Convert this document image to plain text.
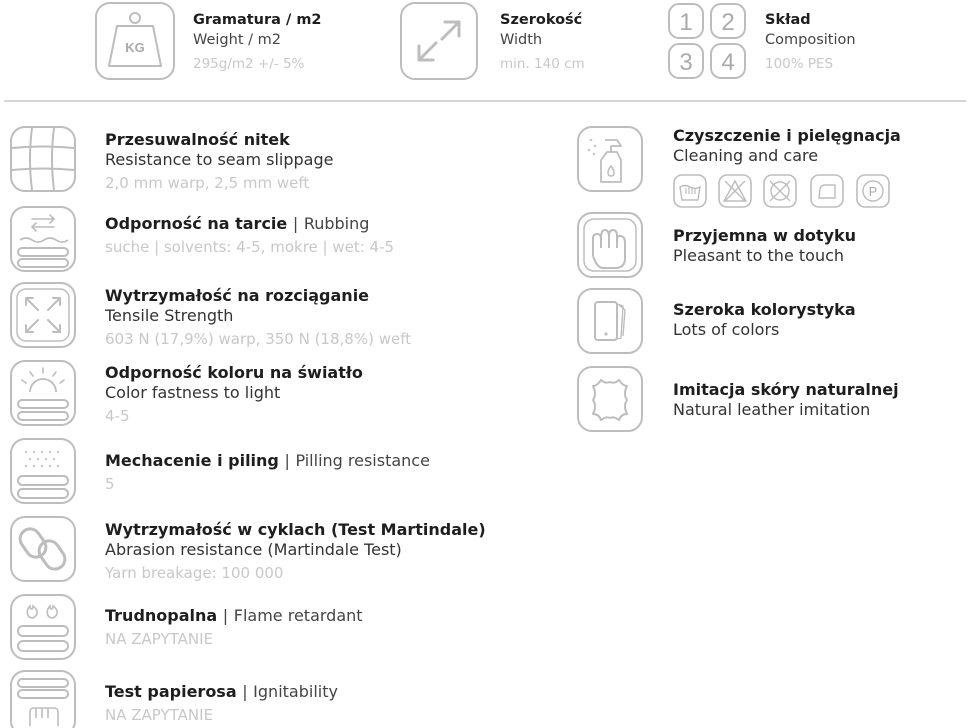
KG
Gramatura / m2
Weight / m2
295g/m2 +/- 5%
Szerokość
Width
min. 140 cm
1 2
3 4
Skład
Composition
100% PES
Przesuwalność nitek
Resistance to seam slippage
2,0 mm warp, 2,5 mm weft
Odporność na tarcie | Rubbing
suche | solvents: 4-5, mokre | wet: 4-5
Wytrzymałość na rozciąganie
Tensile Strength
603 N (17,9%) warp, 350 N (18,8%) weft
Odporność koloru na światło
Color fastness to light
4-5
Mechacenie i piling | Pilling resistance
5
Wytrzymałość w cyklach (Test Martindale)
Abrasion resistance (Martindale Test)
Yarn breakage: 100 000
Trudnopalna | Flame retardant
NA ZAPYTANIE
Test papierosa | Ignitability
NA ZAPYTANIE
Czyszczenie i pielęgnacja
Cleaning and care
P
Przyjemna w dotyku
Pleasant to the touch
Szeroka kolorystyka
Lots of colors
Imitacja skóry naturalnej
Natural leather imitation
